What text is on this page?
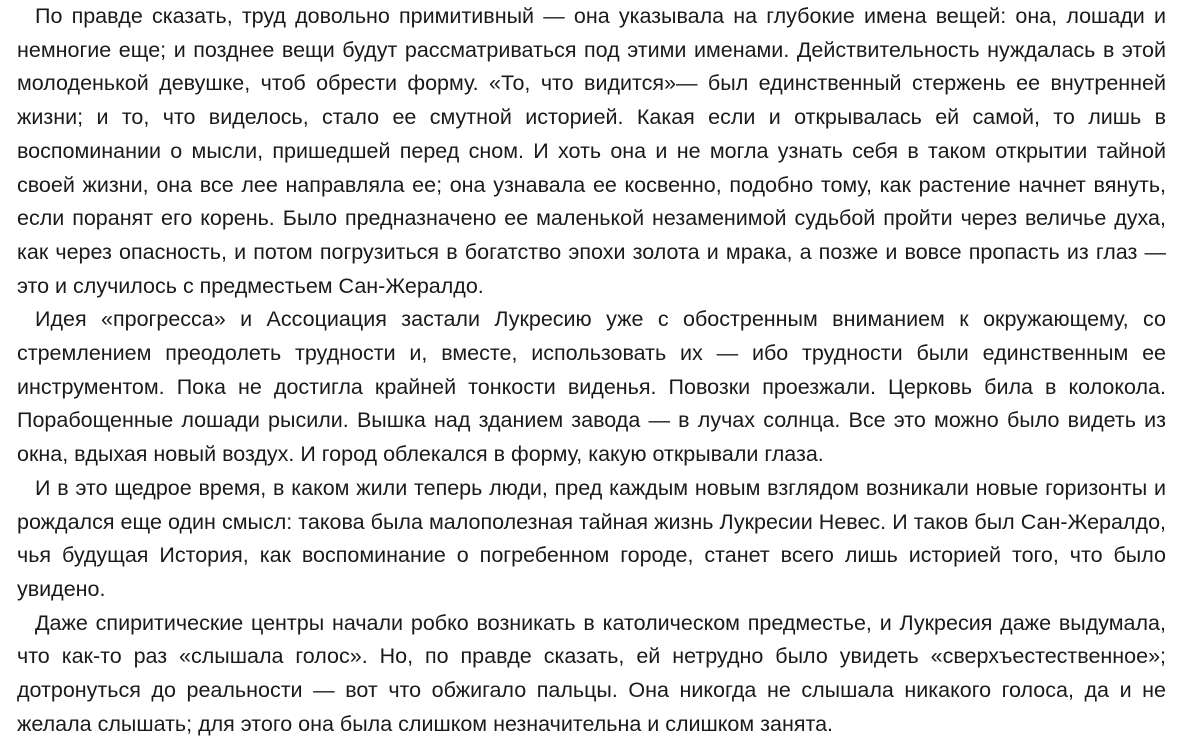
По правде сказать, труд довольно примитивный — она указывала на глубокие имена вещей: она, лошади и немногие еще; и позднее вещи будут рассматриваться под этими именами. Действительность нуждалась в этой молоденькой девушке, чтоб обрести форму. «То, что видится»— был единственный стержень ее внутренней жизни; и то, что виделось, стало ее смутной историей. Какая если и открывалась ей самой, то лишь в воспоминании о мысли, пришедшей перед сном. И хоть она и не могла узнать себя в таком открытии тайной своей жизни, она все лее направляла ее; она узнавала ее косвенно, подобно тому, как растение начнет вянуть, если поранят его корень. Было предназначено ее маленькой незаменимой судьбой пройти через величье духа, как через опасность, и потом погрузиться в богатство эпохи золота и мрака, а позже и вовсе пропасть из глаз — это и случилось с предместьем Сан-Жералдо.

Идея «прогресса» и Ассоциация застали Лукресию уже с обостренным вниманием к окружающему, со стремлением преодолеть трудности и, вместе, использовать их — ибо трудности были единственным ее инструментом. Пока не достигла крайней тонкости виденья. Повозки проезжали. Церковь била в колокола. Порабощенные лошади рысили. Вышка над зданием завода — в лучах солнца. Все это можно было видеть из окна, вдыхая новый воздух. И город облекался в форму, какую открывали глаза.

И в это щедрое время, в каком жили теперь люди, пред каждым новым взглядом возникали новые горизонты и рождался еще один смысл: такова была малополезная тайная жизнь Лукресии Невес. И таков был Сан-Жералдо, чья будущая История, как воспоминание о погребенном городе, станет всего лишь историей того, что было увидено.

Даже спиритические центры начали робко возникать в католическом предместье, и Лукресия даже выдумала, что как-то раз «слышала голос». Но, по правде сказать, ей нетрудно было увидеть «сверхъестественное»; дотронуться до реальности — вот что обжигало пальцы. Она никогда не слышала никакого голоса, да и не желала слышать; для этого она была слишком незначительна и слишком занята.
